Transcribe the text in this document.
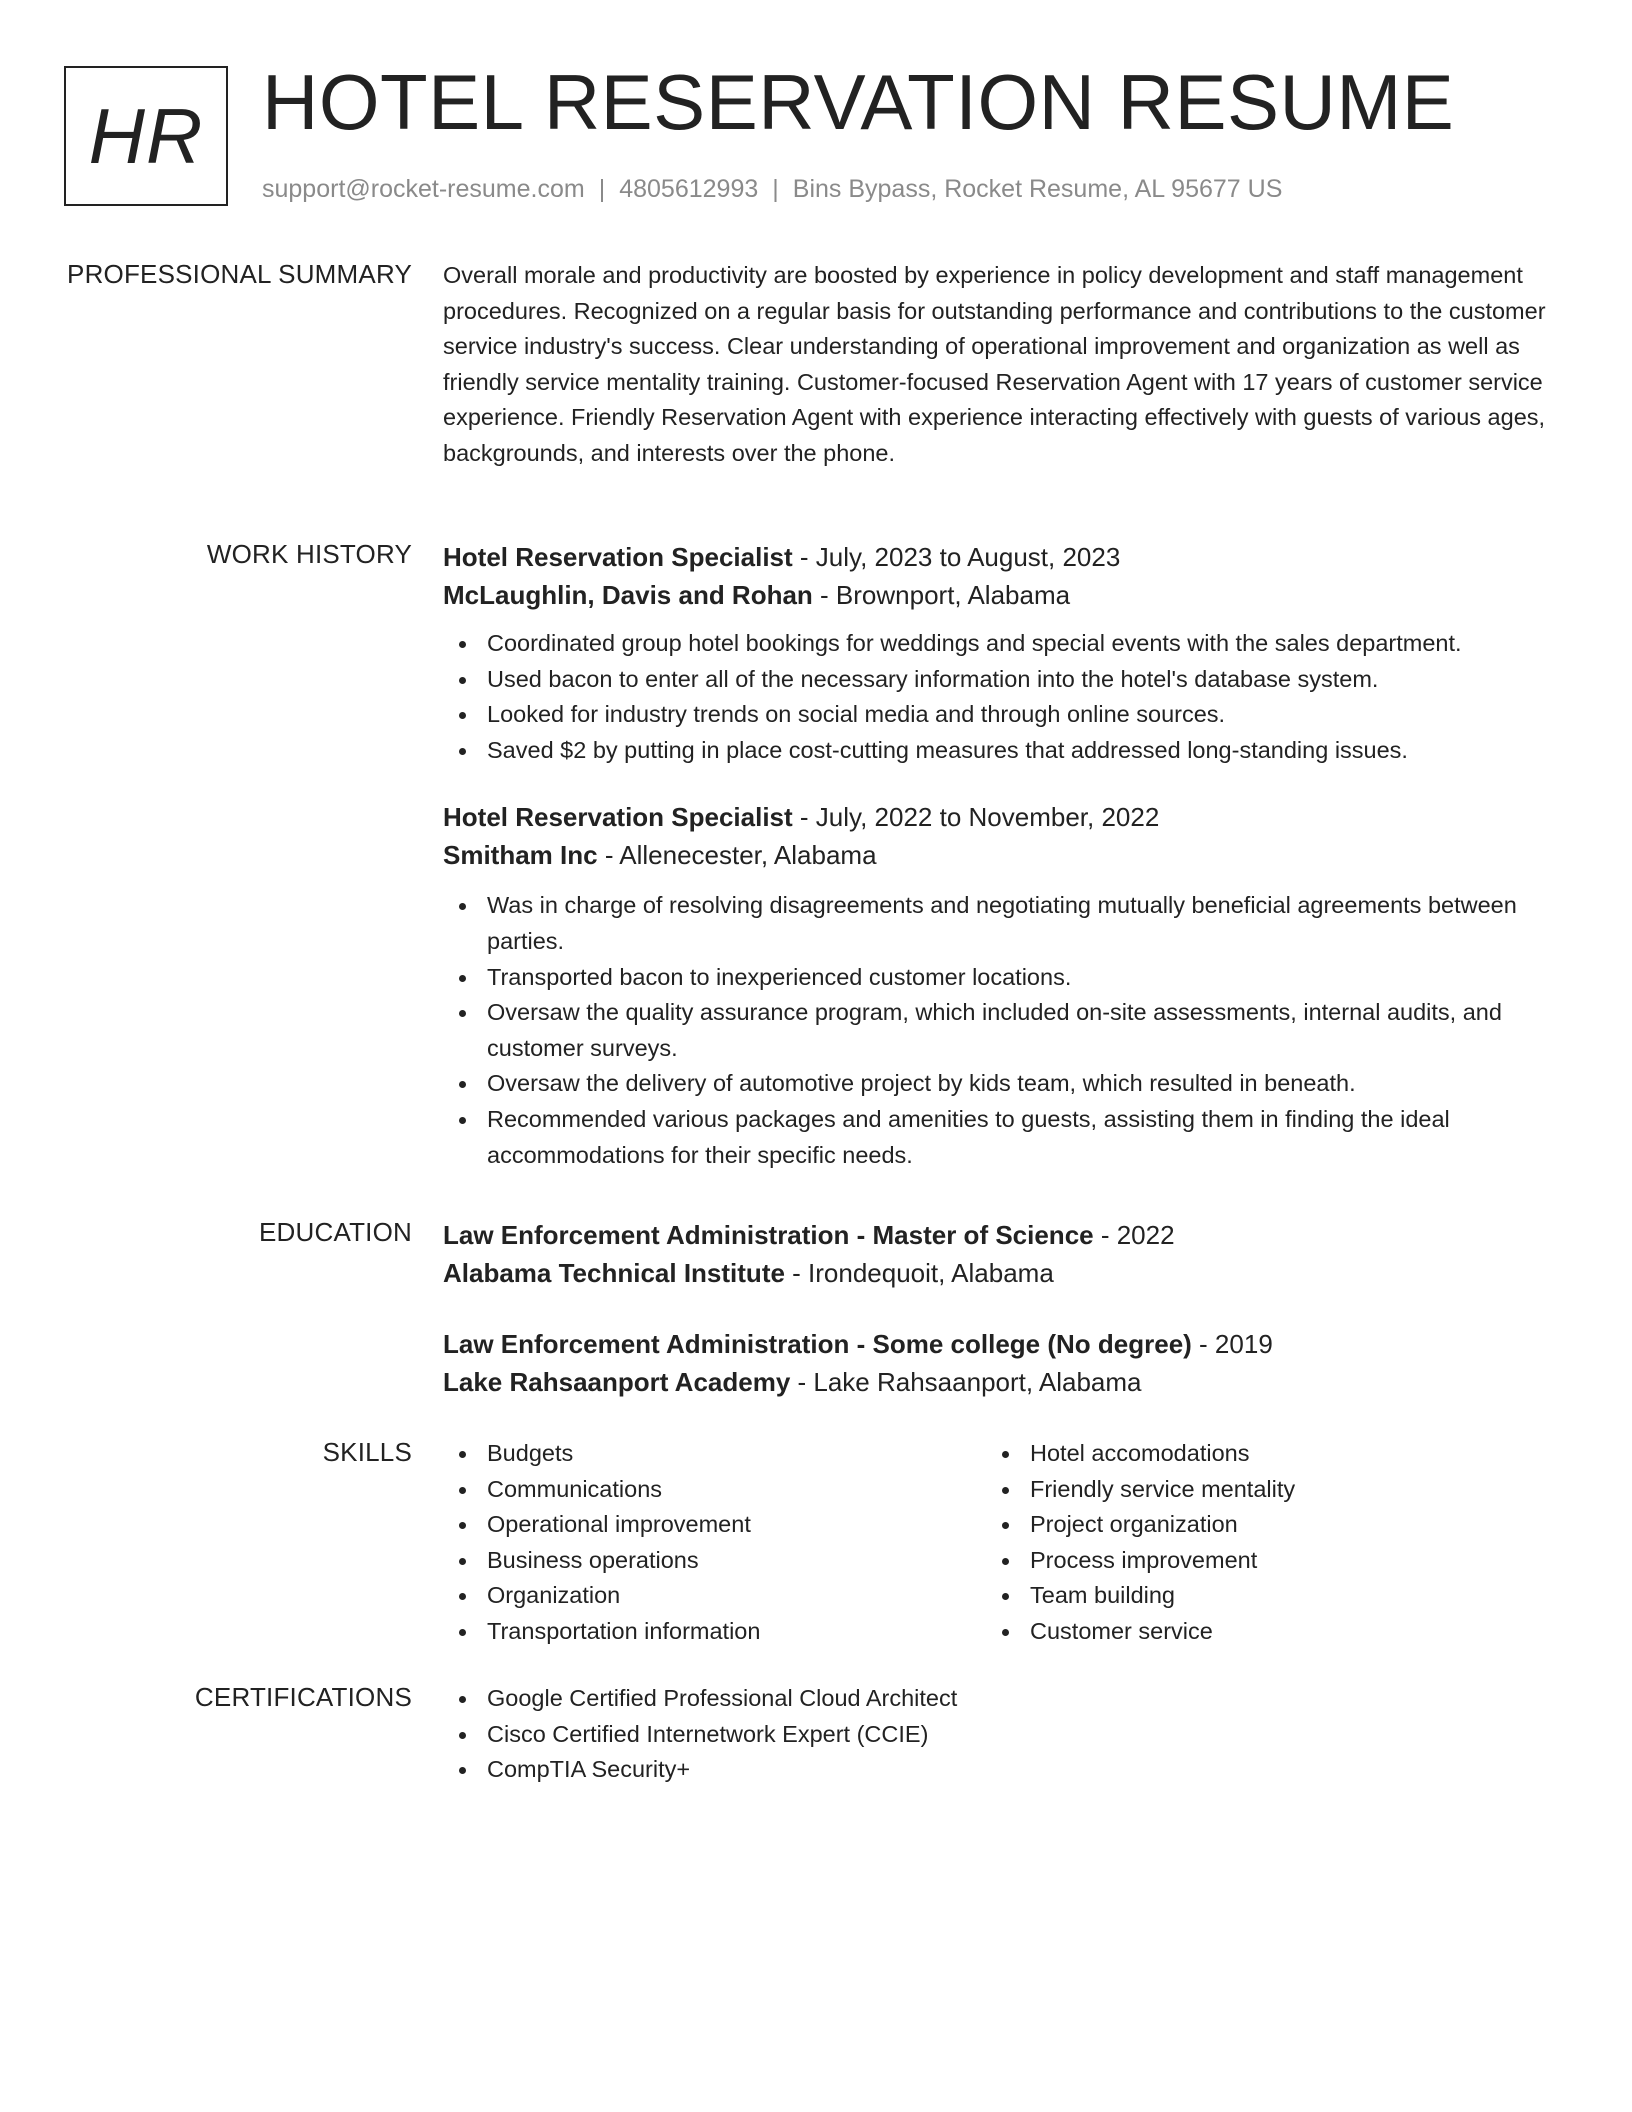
HR HOTEL RESERVATION RESUME
support@rocket-resume.com | 4805612993 | Bins Bypass, Rocket Resume, AL 95677 US
PROFESSIONAL SUMMARY Overall morale and productivity are boosted by experience in policy development and staff management procedures. Recognized on a regular basis for outstanding performance and contributions to the customer service industry's success. Clear understanding of operational improvement and organization as well as friendly service mentality training. Customer-focused Reservation Agent with 17 years of customer service experience. Friendly Reservation Agent with experience interacting effectively with guests of various ages, backgrounds, and interests over the phone.

WORK HISTORY Hotel Reservation Specialist - July, 2023 to August, 2023
McLaughlin, Davis and Rohan - Brownport, Alabama
Coordinated group hotel bookings for weddings and special events with the sales department.
Used bacon to enter all of the necessary information into the hotel's database system.
Looked for industry trends on social media and through online sources.
Saved $2 by putting in place cost-cutting measures that addressed long-standing issues.
Hotel Reservation Specialist - July, 2022 to November, 2022
Smitham Inc - Allenecester, Alabama
Was in charge of resolving disagreements and negotiating mutually beneficial agreements between parties.
Transported bacon to inexperienced customer locations.
Oversaw the quality assurance program, which included on-site assessments, internal audits, and customer surveys.
Oversaw the delivery of automotive project by kids team, which resulted in beneath.
Recommended various packages and amenities to guests, assisting them in finding the ideal accommodations for their specific needs.
EDUCATION Law Enforcement Administration - Master of Science - 2022
Alabama Technical Institute - Irondequoit, Alabama
Law Enforcement Administration - Some college (No degree) - 2019
Lake Rahsaanport Academy - Lake Rahsaanport, Alabama
SKILLS	Budgets
Communications
Operational improvement
Business operations
Organization
Transportation information
Hotel accomodations
Friendly service mentality
Project organization
Process improvement
Team building
Customer service
CERTIFICATIONS	Google Certified Professional Cloud Architect
Cisco Certified Internetwork Expert (CCIE)
CompTIA Security+
